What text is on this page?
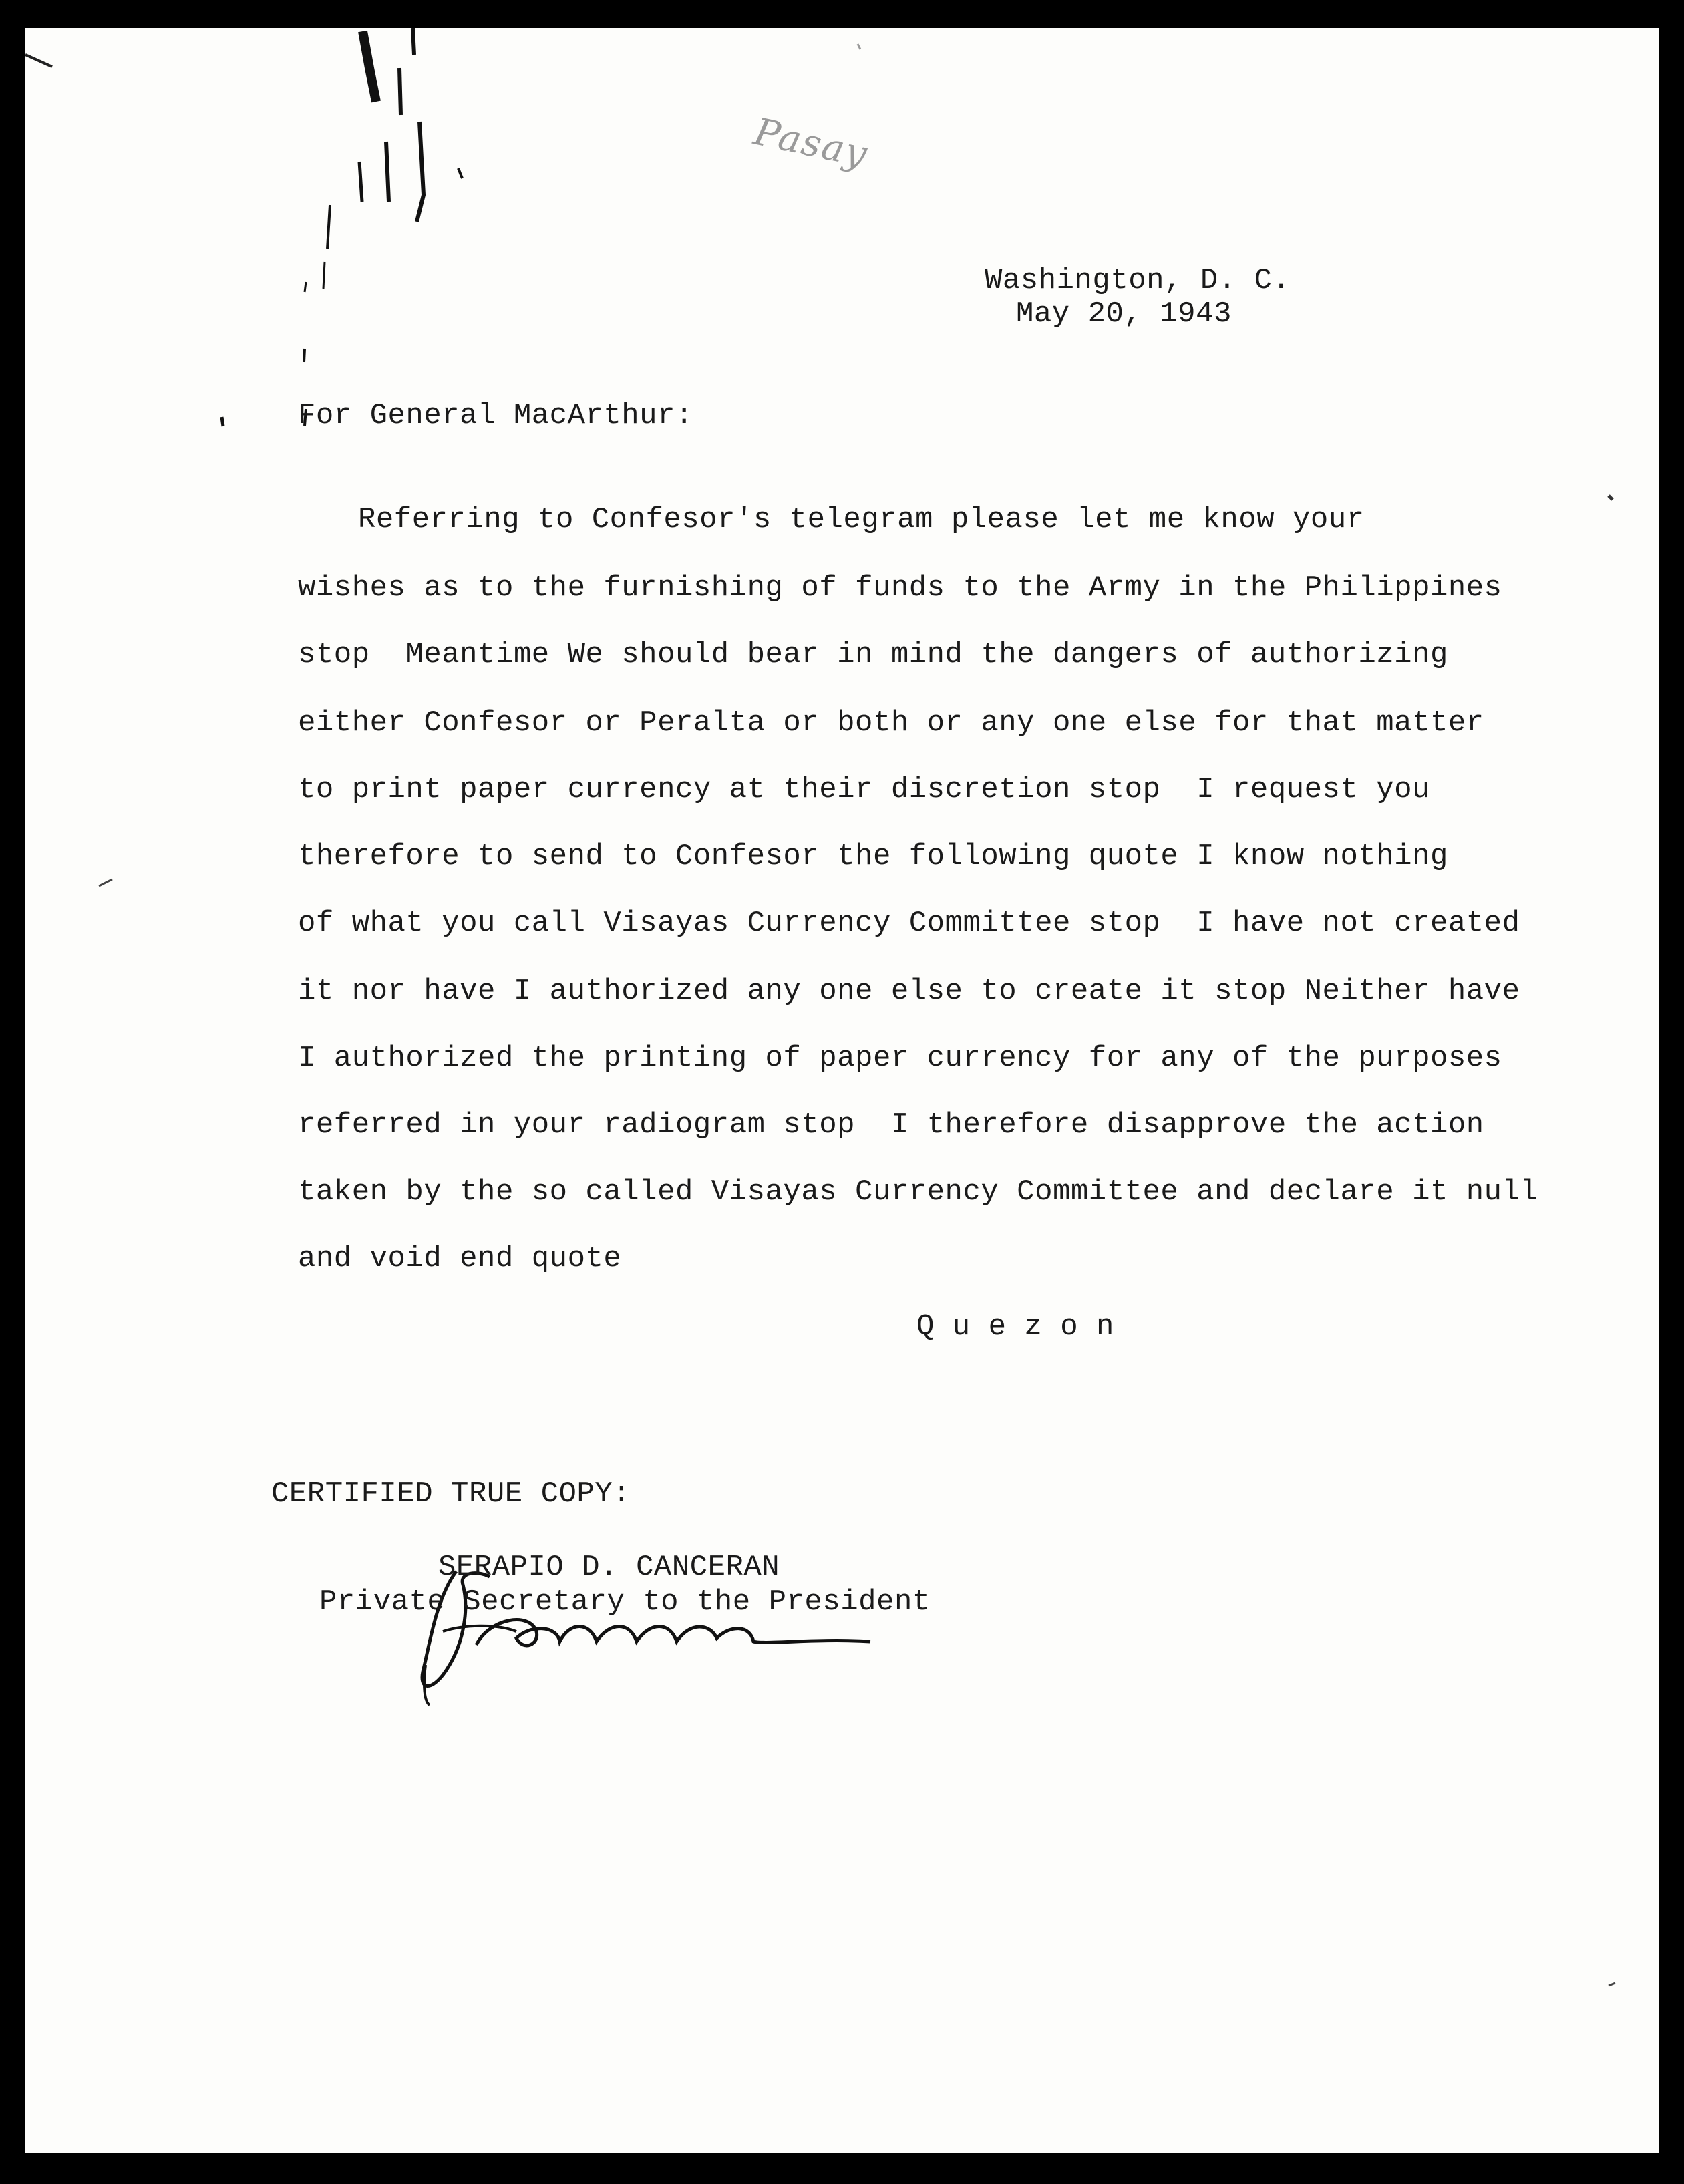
Pasay
Washington, D. C.
May 20, 1943
For General MacArthur:
Referring to Confesor's telegram please let me know your
wishes as to the furnishing of funds to the Army in the Philippines
stop  Meantime We should bear in mind the dangers of authorizing
either Confesor or Peralta or both or any one else for that matter
to print paper currency at their discretion stop  I request you
therefore to send to Confesor the following quote I know nothing
of what you call Visayas Currency Committee stop  I have not created
it nor have I authorized any one else to create it stop Neither have
I authorized the printing of paper currency for any of the purposes
referred in your radiogram stop  I therefore disapprove the action
taken by the so called Visayas Currency Committee and declare it null
and void end quote
Q u e z o n
CERTIFIED TRUE COPY:
SERAPIO D. CANCERAN
Private Secretary to the President
